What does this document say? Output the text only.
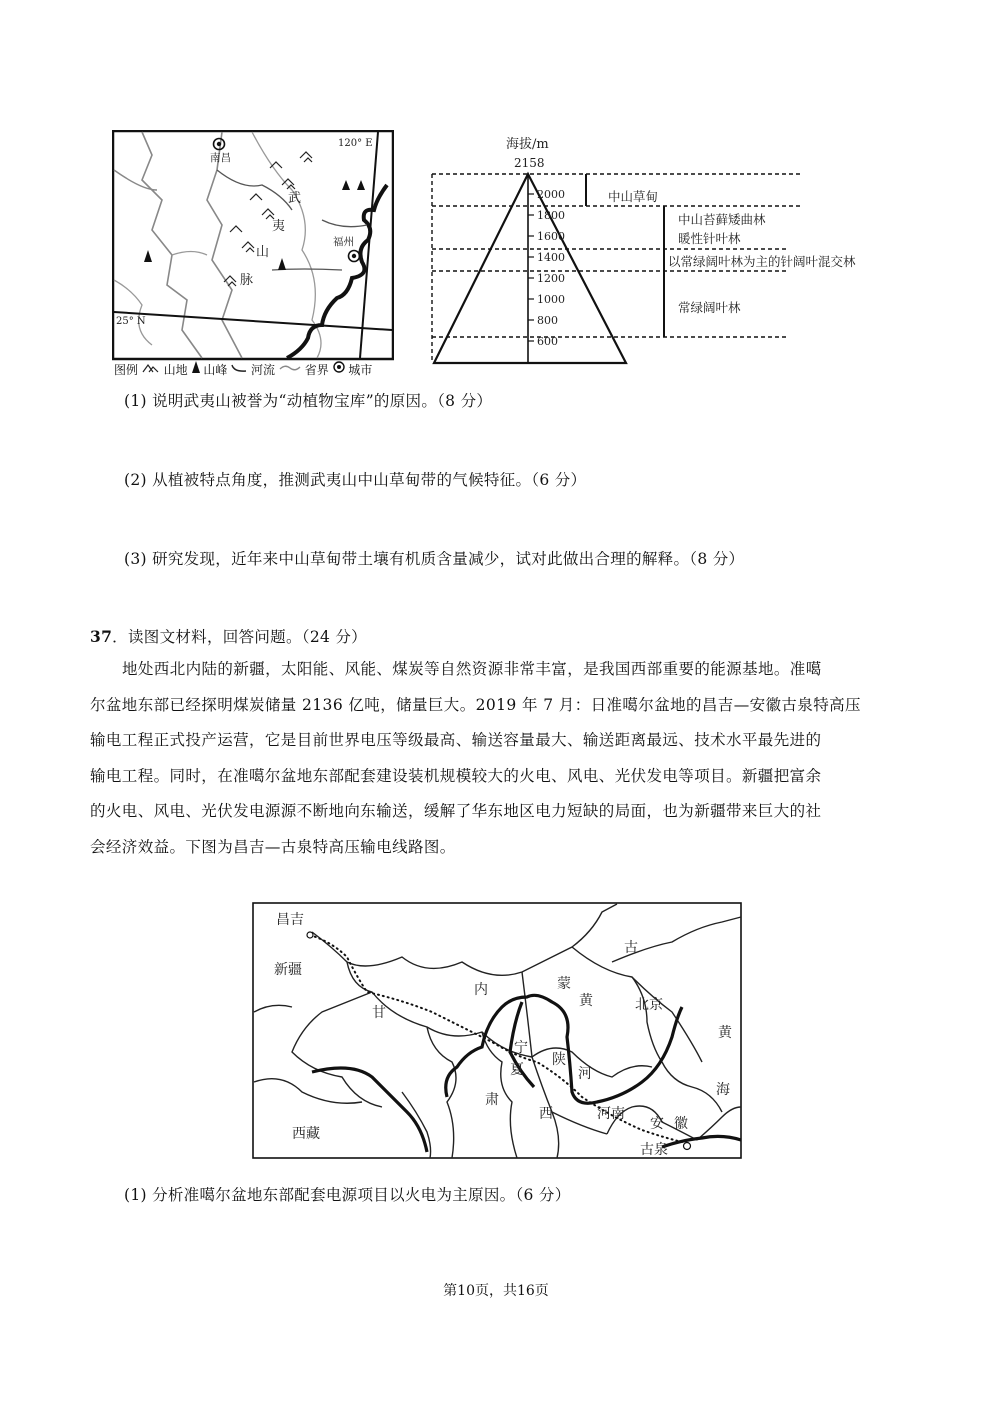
武
夷
山
脉
南昌
福州
120° E
25° N
图例 山地 山峰 河流 省界 城市
海拔/m
2158
2000
1800
1600
1400
1200
1000
800
600
中山草甸
中山苔藓矮曲林
暖性针叶林
以常绿阔叶林为主的针阔叶混交林
常绿阔叶林
(1) 说明武夷山被誉为“动植物宝库”的原因。（8 分）
(2) 从植被特点角度，推测武夷山中山草甸带的气候特征。（6 分）
(3) 研究发现，近年来中山草甸带土壤有机质含量减少，试对此做出合理的解释。（8 分）
37．读图文材料，回答问题。（24 分）
地处西北内陆的新疆，太阳能、风能、煤炭等自然资源非常丰富，是我国西部重要的能源基地。准噶
尔盆地东部已经探明煤炭储量 2136 亿吨，储量巨大。2019 年 7 月：日准噶尔盆地的昌吉—安徽古泉特高压
输电工程正式投产运营，它是目前世界电压等级最高、输送容量最大、输送距离最远、技术水平最先进的
输电工程。同时，在准噶尔盆地东部配套建设装机规模较大的火电、风电、光伏发电等项目。新疆把富余
的火电、风电、光伏发电源源不断地向东输送，缓解了华东地区电力短缺的局面，也为新疆带来巨大的社
会经济效益。下图为昌吉—古泉特高压输电线路图。
昌吉
新疆
甘
内	蒙
古
黄	北京
黄
海
宁
夏
陕
河
肃
西	河南
安 徽
古泉
西藏
(1) 分析准噶尔盆地东部配套电源项目以火电为主原因。（6 分）
第10页，共16页
